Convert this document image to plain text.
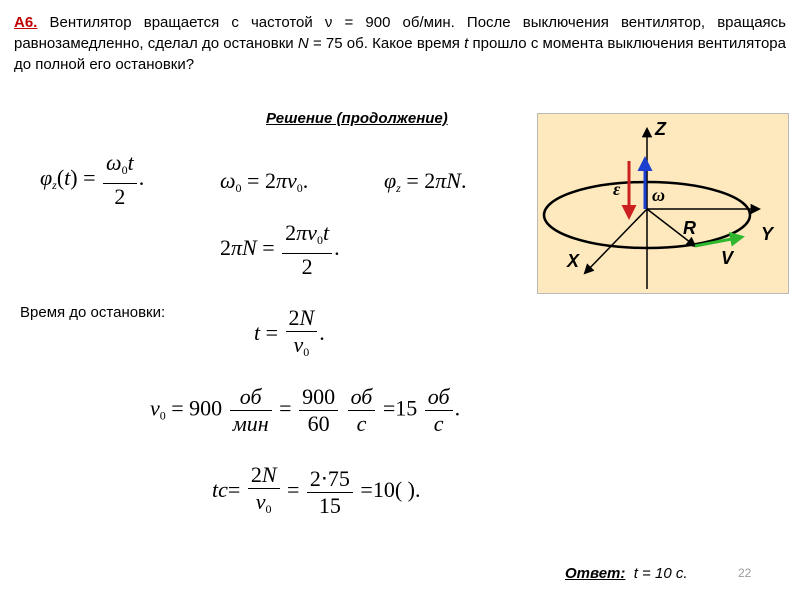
А6. Вентилятор вращается с частотой ν = 900 об/мин. После выключения вентилятор, вращаясь равнозамедленно, сделал до остановки N = 75 об. Какое время t прошло с момента выключения вентилятора до полной его остановки?
Решение (продолжение)
$\varphi_z(t) = \frac{\omega_0t}{2}$ .	$\omega_0 = 2\pi\nu_0$.	$\varphi_z = 2\pi N$.
$2\pi N = \frac{2\pi\nu_0t}{2}$ .
Время до остановки:
$t = \frac{2N}{\nu_0}$ .
$\nu_0 = 900 \frac{об}{\text{мин}} = \frac{900}{60}$
$\frac{об}{с} =15 \frac{об}{с}$ .
$tc= \frac{2N}{\nu_0} = \frac{2\cdot 75}{15} =10$( ).
Ответ: t = 10 с.	22
Z
Y
X
ε ω
R
V
